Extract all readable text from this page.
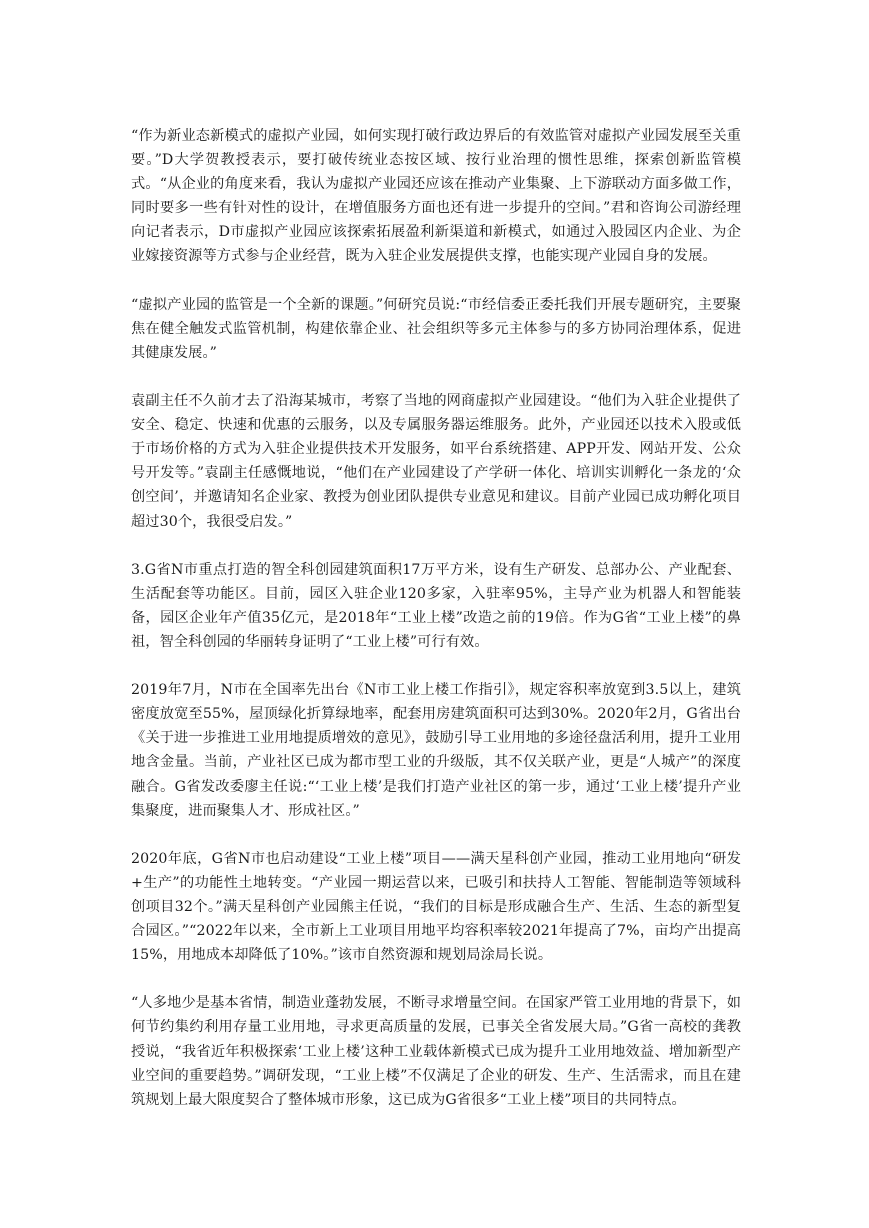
“作为新业态新模式的虚拟产业园，如何实现打破行政边界后的有效监管对虚拟产业园发展至关重要。”D大学贺教授表示，要打破传统业态按区域、按行业治理的惯性思维，探索创新监管模式。“从企业的角度来看，我认为虚拟产业园还应该在推动产业集聚、上下游联动方面多做工作，同时要多一些有针对性的设计，在增值服务方面也还有进一步提升的空间。”君和咨询公司游经理向记者表示，D市虚拟产业园应该探索拓展盈利新渠道和新模式，如通过入股园区内企业、为企业嫁接资源等方式参与企业经营，既为入驻企业发展提供支撑，也能实现产业园自身的发展。

“虚拟产业园的监管是一个全新的课题。”何研究员说:“市经信委正委托我们开展专题研究，主要聚焦在健全触发式监管机制，构建依靠企业、社会组织等多元主体参与的多方协同治理体系，促进其健康发展。”

袁副主任不久前才去了沿海某城市，考察了当地的网商虚拟产业园建设。“他们为入驻企业提供了安全、稳定、快速和优惠的云服务，以及专属服务器运维服务。此外，产业园还以技术入股或低于市场价格的方式为入驻企业提供技术开发服务，如平台系统搭建、APP开发、网站开发、公众号开发等。”袁副主任感慨地说，“他们在产业园建设了产学研一体化、培训实训孵化一条龙的‘众创空间’，并邀请知名企业家、教授为创业团队提供专业意见和建议。目前产业园已成功孵化项目超过30个，我很受启发。”

3.G省N市重点打造的智全科创园建筑面积17万平方米，设有生产研发、总部办公、产业配套、生活配套等功能区。目前，园区入驻企业120多家，入驻率95%，主导产业为机器人和智能装备，园区企业年产值35亿元，是2018年“工业上楼”改造之前的19倍。作为G省“工业上楼”的鼻祖，智全科创园的华丽转身证明了“工业上楼”可行有效。

2019年7月，N市在全国率先出台《N市工业上楼工作指引》，规定容积率放宽到3.5以上，建筑密度放宽至55%，屋顶绿化折算绿地率，配套用房建筑面积可达到30%。2020年2月，G省出台《关于进一步推进工业用地提质增效的意见》，鼓励引导工业用地的多途径盘活利用，提升工业用地含金量。当前，产业社区已成为都市型工业的升级版，其不仅关联产业，更是“人城产”的深度融合。G省发改委廖主任说:“‘工业上楼’是我们打造产业社区的第一步，通过‘工业上楼’提升产业集聚度，进而聚集人才、形成社区。”

2020年底，G省N市也启动建设“工业上楼”项目——满天星科创产业园，推动工业用地向“研发+生产”的功能性土地转变。“产业园一期运营以来，已吸引和扶持人工智能、智能制造等领域科创项目32个。”满天星科创产业园熊主任说，“我们的目标是形成融合生产、生活、生态的新型复合园区。”“2022年以来，全市新上工业项目用地平均容积率较2021年提高了7%，亩均产出提高15%，用地成本却降低了10%。”该市自然资源和规划局涂局长说。

“人多地少是基本省情，制造业蓬勃发展，不断寻求增量空间。在国家严管工业用地的背景下，如何节约集约利用存量工业用地，寻求更高质量的发展，已事关全省发展大局。”G省一高校的龚教授说，“我省近年积极探索‘工业上楼’这种工业载体新模式已成为提升工业用地效益、增加新型产业空间的重要趋势。”调研发现，“工业上楼”不仅满足了企业的研发、生产、生活需求，而且在建筑规划上最大限度契合了整体城市形象，这已成为G省很多“工业上楼”项目的共同特点。
